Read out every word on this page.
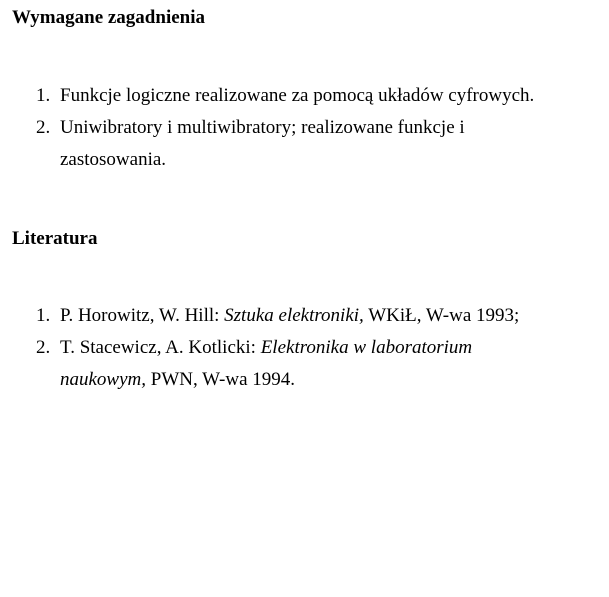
Wymagane zagadnienia
1. Funkcje logiczne realizowane za pomocą układów cyfrowych.
2. Uniwibratory i multiwibratory; realizowane funkcje i zastosowania.
Literatura
1. P. Horowitz, W. Hill: Sztuka elektroniki, WKiŁ, W-wa 1993;
2. T. Stacewicz, A. Kotlicki: Elektronika w laboratorium naukowym, PWN, W-wa 1994.
